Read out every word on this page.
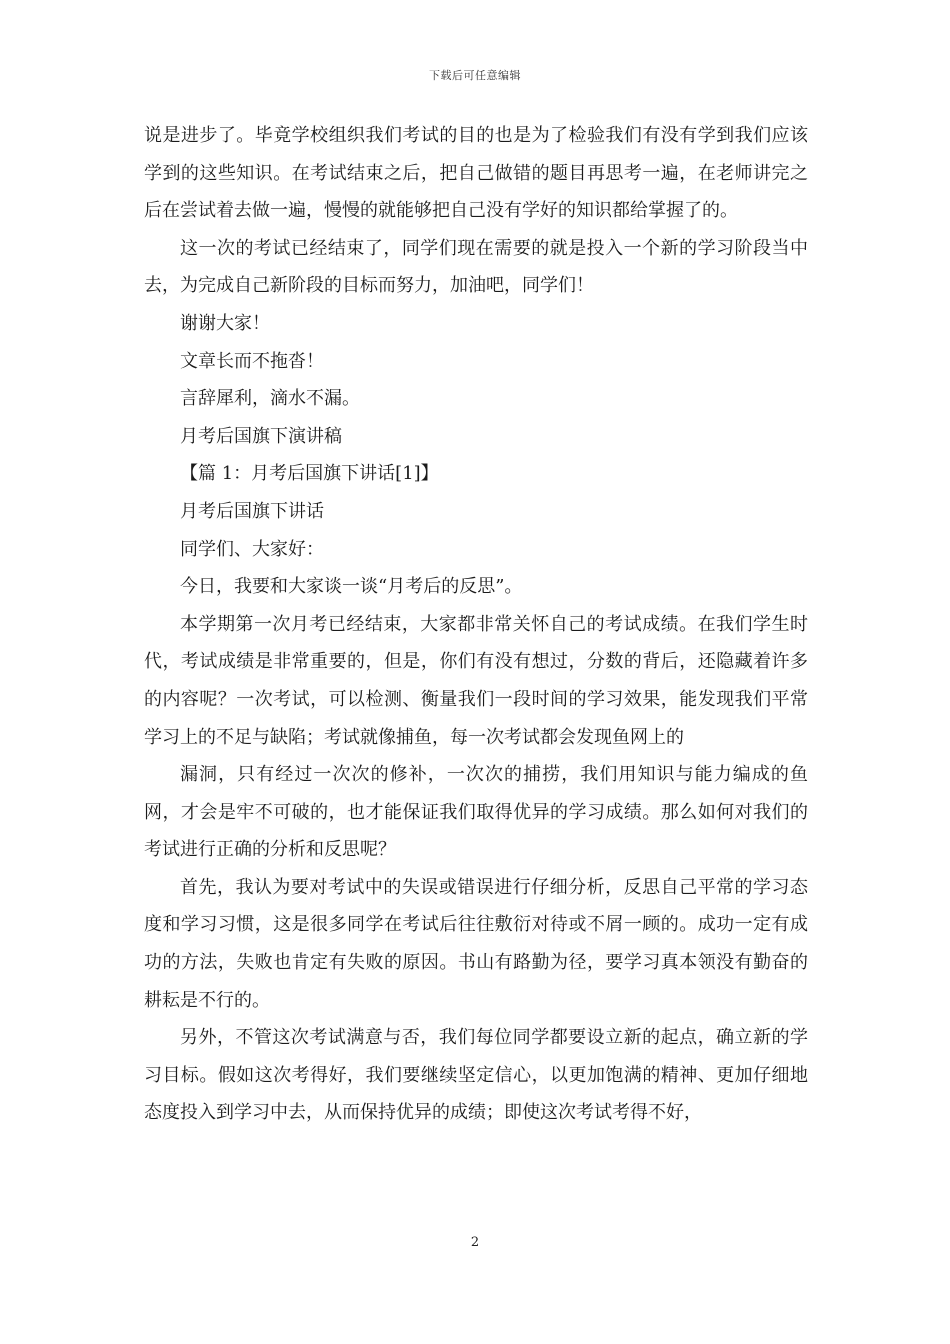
下载后可任意编辑

说是进步了。毕竟学校组织我们考试的目的也是为了检验我们有没有学到我们应该学到的这些知识。在考试结束之后，把自己做错的题目再思考一遍，在老师讲完之后在尝试着去做一遍，慢慢的就能够把自己没有学好的知识都给掌握了的。

这一次的考试已经结束了，同学们现在需要的就是投入一个新的学习阶段当中去，为完成自己新阶段的目标而努力，加油吧，同学们！

谢谢大家！

文章长而不拖沓！

言辞犀利，滴水不漏。

月考后国旗下演讲稿

【篇 1：月考后国旗下讲话[1]】

月考后国旗下讲话

同学们、大家好：

今日，我要和大家谈一谈“月考后的反思”。

本学期第一次月考已经结束，大家都非常关怀自己的考试成绩。在我们学生时代，考试成绩是非常重要的，但是，你们有没有想过，分数的背后，还隐藏着许多的内容呢？一次考试，可以检测、衡量我们一段时间的学习效果，能发现我们平常学习上的不足与缺陷；考试就像捕鱼，每一次考试都会发现鱼网上的

漏洞，只有经过一次次的修补，一次次的捕捞，我们用知识与能力编成的鱼网，才会是牢不可破的，也才能保证我们取得优异的学习成绩。那么如何对我们的考试进行正确的分析和反思呢？

首先，我认为要对考试中的失误或错误进行仔细分析，反思自己平常的学习态度和学习习惯，这是很多同学在考试后往往敷衍对待或不屑一顾的。成功一定有成功的方法，失败也肯定有失败的原因。书山有路勤为径，要学习真本领没有勤奋的耕耘是不行的。

另外，不管这次考试满意与否，我们每位同学都要设立新的起点，确立新的学习目标。假如这次考得好，我们要继续坚定信心，以更加饱满的精神、更加仔细地态度投入到学习中去，从而保持优异的成绩；即使这次考试考得不好，

2
